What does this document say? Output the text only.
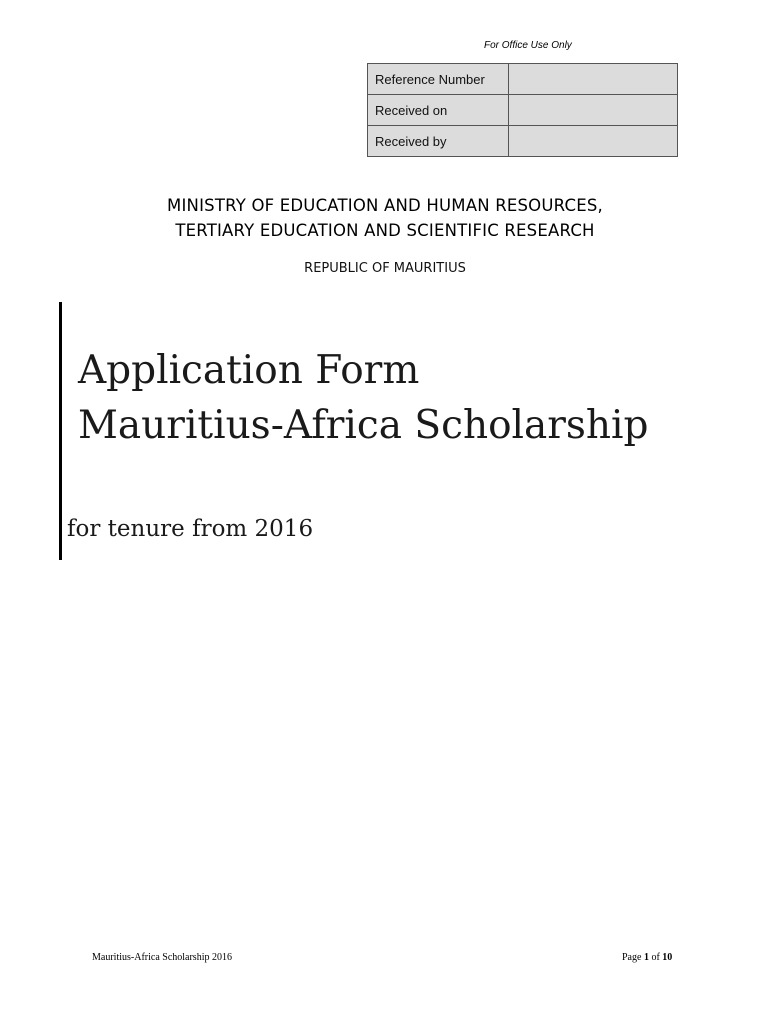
For Office Use Only
Reference Number	
Received on	
Received by	
MINISTRY OF EDUCATION AND HUMAN RESOURCES,
TERTIARY EDUCATION AND SCIENTIFIC RESEARCH
REPUBLIC OF MAURITIUS
Application Form
Mauritius-Africa Scholarship
for tenure from 2016
Mauritius-Africa Scholarship 2016	Page 1 of 10
